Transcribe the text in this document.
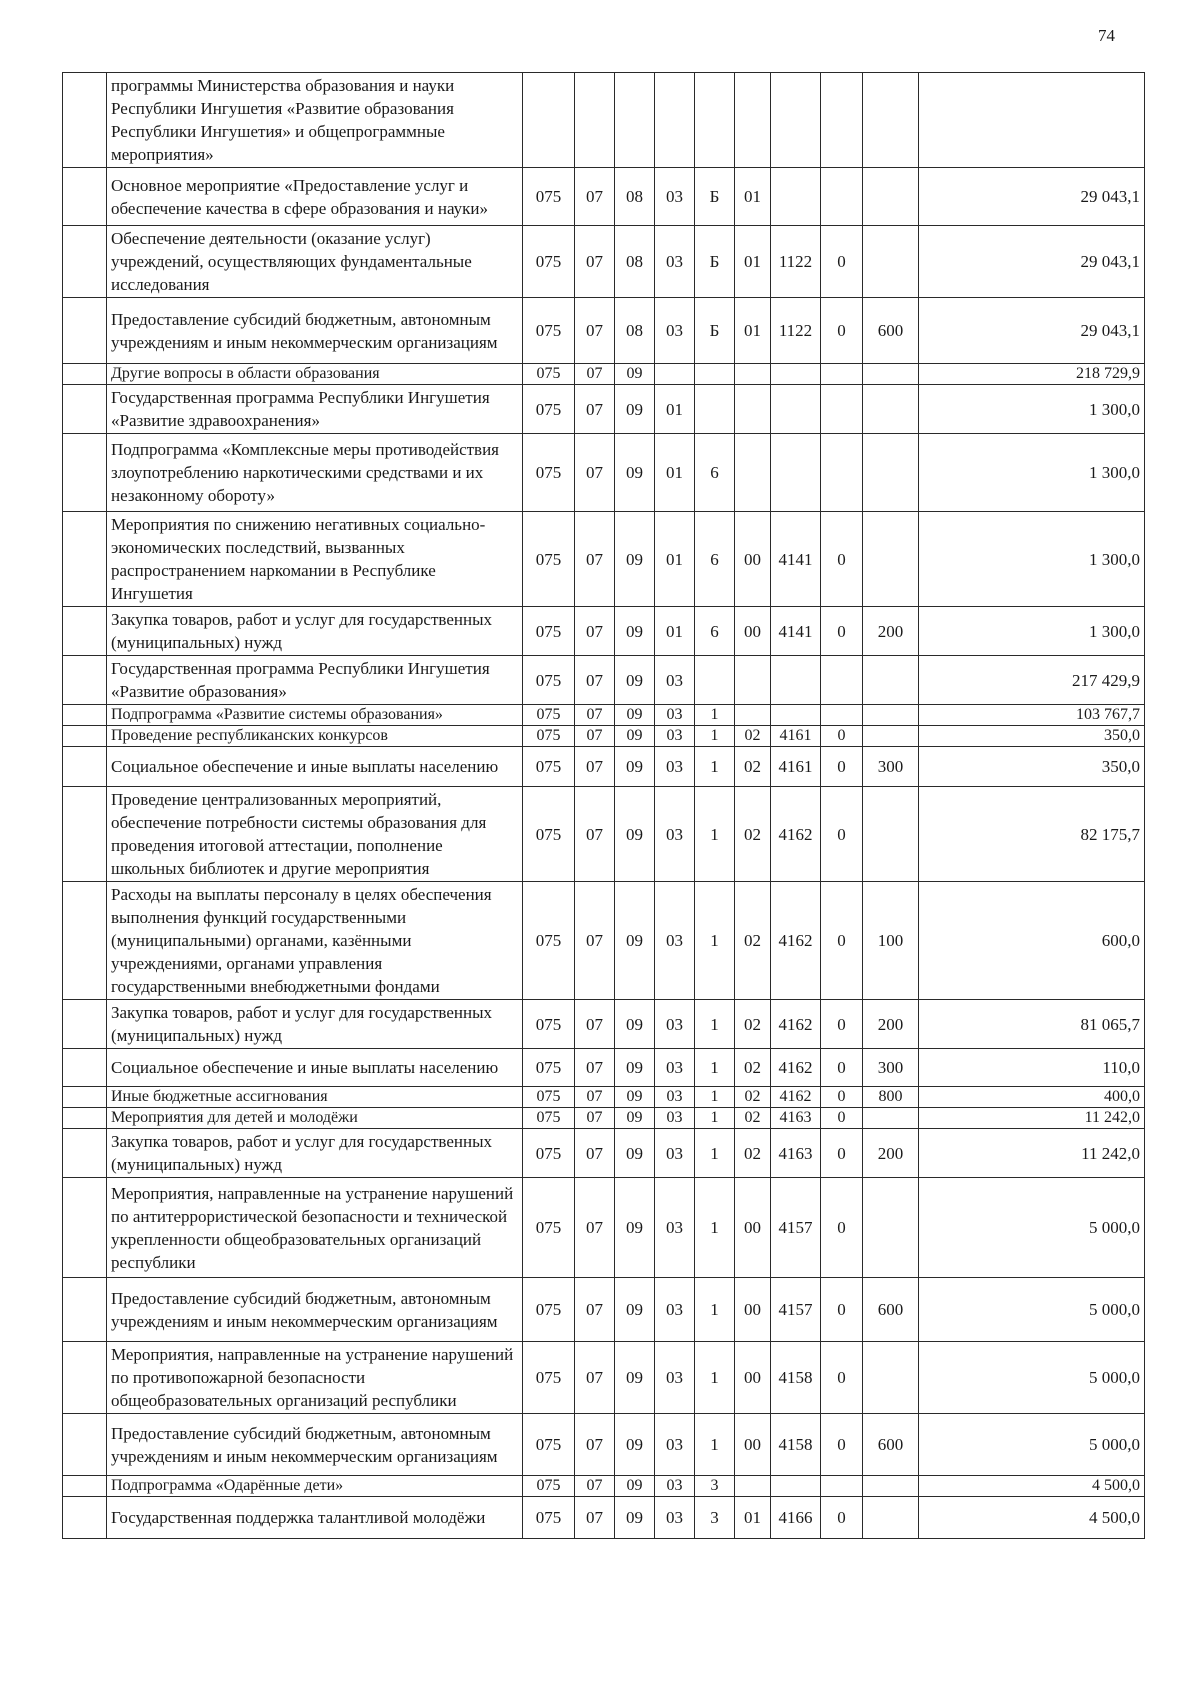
74
	программы Министерства образования и науки Республики Ингушетия «Развитие образования Республики Ингушетия» и общепрограммные мероприятия»										
	Основное мероприятие «Предоставление услуг и обеспечение качества в сфере образования и науки»	075	07	08	03	Б	01				29 043,1
	Обеспечение деятельности (оказание услуг) учреждений, осуществляющих фундаментальные исследования	075	07	08	03	Б	01	1122	0		29 043,1
	Предоставление субсидий бюджетным, автономным учреждениям и иным некоммерческим организациям	075	07	08	03	Б	01	1122	0	600	29 043,1
	Другие вопросы в области образования	075	07	09							218 729,9
	Государственная программа Республики Ингушетия «Развитие здравоохранения»	075	07	09	01						1 300,0
	Подпрограмма «Комплексные меры противодействия злоупотреблению наркотическими средствами и их незаконному обороту»	075	07	09	01	6					1 300,0
	Мероприятия по снижению негативных социально-экономических последствий, вызванных распространением наркомании в Республике Ингушетия	075	07	09	01	6	00	4141	0		1 300,0
	Закупка товаров, работ и услуг для государственных (муниципальных) нужд	075	07	09	01	6	00	4141	0	200	1 300,0
	Государственная программа Республики Ингушетия «Развитие образования»	075	07	09	03						217 429,9
	Подпрограмма «Развитие системы образования»	075	07	09	03	1					103 767,7
	Проведение республиканских конкурсов	075	07	09	03	1	02	4161	0		350,0
	Социальное обеспечение и иные выплаты населению	075	07	09	03	1	02	4161	0	300	350,0
	Проведение централизованных мероприятий, обеспечение потребности системы образования для проведения итоговой аттестации, пополнение школьных библиотек и другие мероприятия	075	07	09	03	1	02	4162	0		82 175,7
	Расходы на выплаты персоналу в целях обеспечения выполнения функций государственными (муниципальными) органами, казёнными учреждениями, органами управления государственными внебюджетными фондами	075	07	09	03	1	02	4162	0	100	600,0
	Закупка товаров, работ и услуг для государственных (муниципальных) нужд	075	07	09	03	1	02	4162	0	200	81 065,7
	Социальное обеспечение и иные выплаты населению	075	07	09	03	1	02	4162	0	300	110,0
	Иные бюджетные ассигнования	075	07	09	03	1	02	4162	0	800	400,0
	Мероприятия для детей и молодёжи	075	07	09	03	1	02	4163	0		11 242,0
	Закупка товаров, работ и услуг для государственных (муниципальных) нужд	075	07	09	03	1	02	4163	0	200	11 242,0
	Мероприятия, направленные на устранение нарушений по антитеррористической безопасности и технической укрепленности общеобразовательных организаций республики	075	07	09	03	1	00	4157	0		5 000,0
	Предоставление субсидий бюджетным, автономным учреждениям и иным некоммерческим организациям	075	07	09	03	1	00	4157	0	600	5 000,0
	Мероприятия, направленные на устранение нарушений по противопожарной безопасности общеобразовательных организаций республики	075	07	09	03	1	00	4158	0		5 000,0
	Предоставление субсидий бюджетным, автономным учреждениям и иным некоммерческим организациям	075	07	09	03	1	00	4158	0	600	5 000,0
	Подпрограмма «Одарённые дети»	075	07	09	03	3					4 500,0
	Государственная поддержка талантливой молодёжи	075	07	09	03	3	01	4166	0		4 500,0
